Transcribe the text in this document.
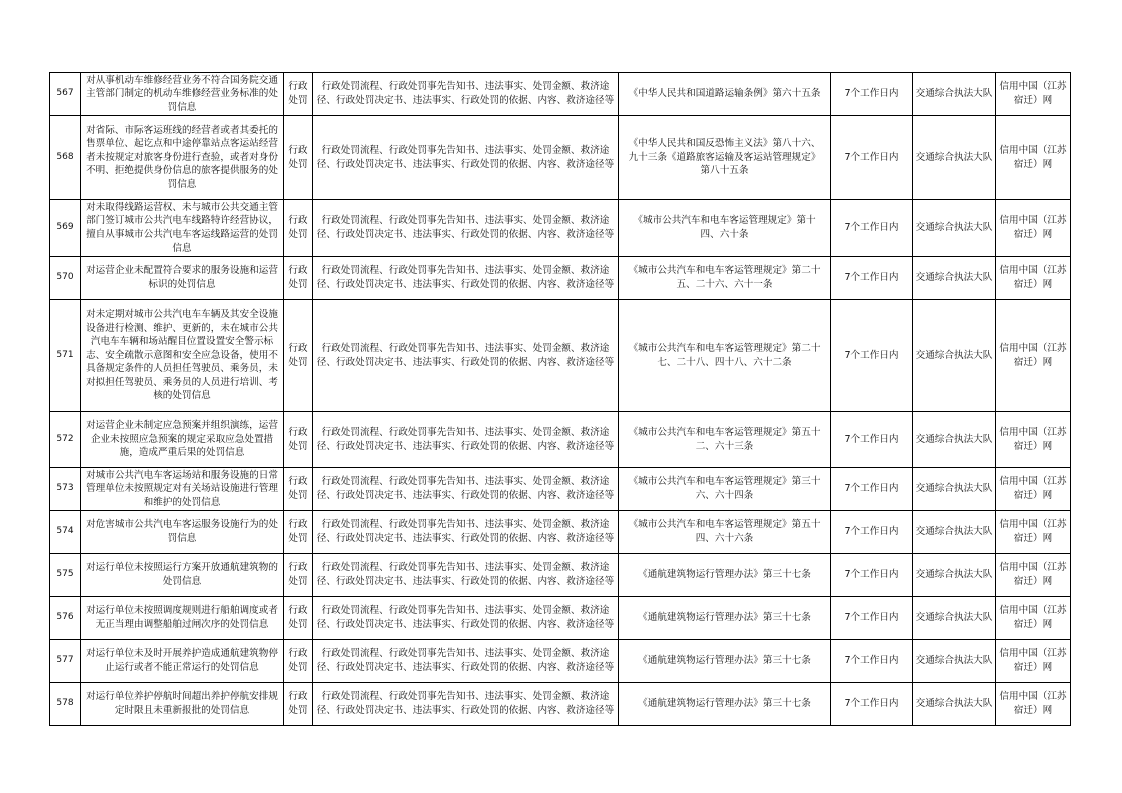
567	对从事机动车维修经营业务不符合国务院交通主管部门制定的机动车维修经营业务标准的处罚信息	行政处罚	行政处罚流程、行政处罚事先告知书、违法事实、处罚金额、救济途径、行政处罚决定书、违法事实、行政处罚的依据、内容、救济途径等	《中华人民共和国道路运输条例》第六十五条	7个工作日内	交通综合执法大队	信用中国（江苏宿迁）网
568	对省际、市际客运班线的经营者或者其委托的售票单位、起讫点和中途停靠站点客运站经营者未按规定对旅客身份进行查验，或者对身份不明、拒绝提供身份信息的旅客提供服务的处罚信息	行政处罚	行政处罚流程、行政处罚事先告知书、违法事实、处罚金额、救济途径、行政处罚决定书、违法事实、行政处罚的依据、内容、救济途径等	《中华人民共和国反恐怖主义法》第八十六、九十三条《道路旅客运输及客运站管理规定》第八十五条	7个工作日内	交通综合执法大队	信用中国（江苏宿迁）网
569	对未取得线路运营权、未与城市公共交通主管部门签订城市公共汽电车线路特许经营协议，擅自从事城市公共汽电车客运线路运营的处罚信息	行政处罚	行政处罚流程、行政处罚事先告知书、违法事实、处罚金额、救济途径、行政处罚决定书、违法事实、行政处罚的依据、内容、救济途径等	《城市公共汽车和电车客运管理规定》第十四、六十条	7个工作日内	交通综合执法大队	信用中国（江苏宿迁）网
570	对运营企业未配置符合要求的服务设施和运营标识的处罚信息	行政处罚	行政处罚流程、行政处罚事先告知书、违法事实、处罚金额、救济途径、行政处罚决定书、违法事实、行政处罚的依据、内容、救济途径等	《城市公共汽车和电车客运管理规定》第二十五、二十六、六十一条	7个工作日内	交通综合执法大队	信用中国（江苏宿迁）网
571	对未定期对城市公共汽电车车辆及其安全设施设备进行检测、维护、更新的，未在城市公共汽电车车辆和场站醒目位置设置安全警示标志、安全疏散示意图和安全应急设备，使用不具备规定条件的人员担任驾驶员、乘务员，未对拟担任驾驶员、乘务员的人员进行培训、考核的处罚信息	行政处罚	行政处罚流程、行政处罚事先告知书、违法事实、处罚金额、救济途径、行政处罚决定书、违法事实、行政处罚的依据、内容、救济途径等	《城市公共汽车和电车客运管理规定》第二十七、二十八、四十八、六十二条	7个工作日内	交通综合执法大队	信用中国（江苏宿迁）网
572	对运营企业未制定应急预案并组织演练，运营企业未按照应急预案的规定采取应急处置措施，造成严重后果的处罚信息	行政处罚	行政处罚流程、行政处罚事先告知书、违法事实、处罚金额、救济途径、行政处罚决定书、违法事实、行政处罚的依据、内容、救济途径等	《城市公共汽车和电车客运管理规定》第五十二、六十三条	7个工作日内	交通综合执法大队	信用中国（江苏宿迁）网
573	对城市公共汽电车客运场站和服务设施的日常管理单位未按照规定对有关场站设施进行管理和维护的处罚信息	行政处罚	行政处罚流程、行政处罚事先告知书、违法事实、处罚金额、救济途径、行政处罚决定书、违法事实、行政处罚的依据、内容、救济途径等	《城市公共汽车和电车客运管理规定》第三十六、六十四条	7个工作日内	交通综合执法大队	信用中国（江苏宿迁）网
574	对危害城市公共汽电车客运服务设施行为的处罚信息	行政处罚	行政处罚流程、行政处罚事先告知书、违法事实、处罚金额、救济途径、行政处罚决定书、违法事实、行政处罚的依据、内容、救济途径等	《城市公共汽车和电车客运管理规定》第五十四、六十六条	7个工作日内	交通综合执法大队	信用中国（江苏宿迁）网
575	对运行单位未按照运行方案开放通航建筑物的处罚信息	行政处罚	行政处罚流程、行政处罚事先告知书、违法事实、处罚金额、救济途径、行政处罚决定书、违法事实、行政处罚的依据、内容、救济途径等	《通航建筑物运行管理办法》第三十七条	7个工作日内	交通综合执法大队	信用中国（江苏宿迁）网
576	对运行单位未按照调度规则进行船舶调度或者无正当理由调整船舶过闸次序的处罚信息	行政处罚	行政处罚流程、行政处罚事先告知书、违法事实、处罚金额、救济途径、行政处罚决定书、违法事实、行政处罚的依据、内容、救济途径等	《通航建筑物运行管理办法》第三十七条	7个工作日内	交通综合执法大队	信用中国（江苏宿迁）网
577	对运行单位未及时开展养护造成通航建筑物停止运行或者不能正常运行的处罚信息	行政处罚	行政处罚流程、行政处罚事先告知书、违法事实、处罚金额、救济途径、行政处罚决定书、违法事实、行政处罚的依据、内容、救济途径等	《通航建筑物运行管理办法》第三十七条	7个工作日内	交通综合执法大队	信用中国（江苏宿迁）网
578	对运行单位养护停航时间超出养护停航安排规定时限且未重新报批的处罚信息	行政处罚	行政处罚流程、行政处罚事先告知书、违法事实、处罚金额、救济途径、行政处罚决定书、违法事实、行政处罚的依据、内容、救济途径等	《通航建筑物运行管理办法》第三十七条	7个工作日内	交通综合执法大队	信用中国（江苏宿迁）网
